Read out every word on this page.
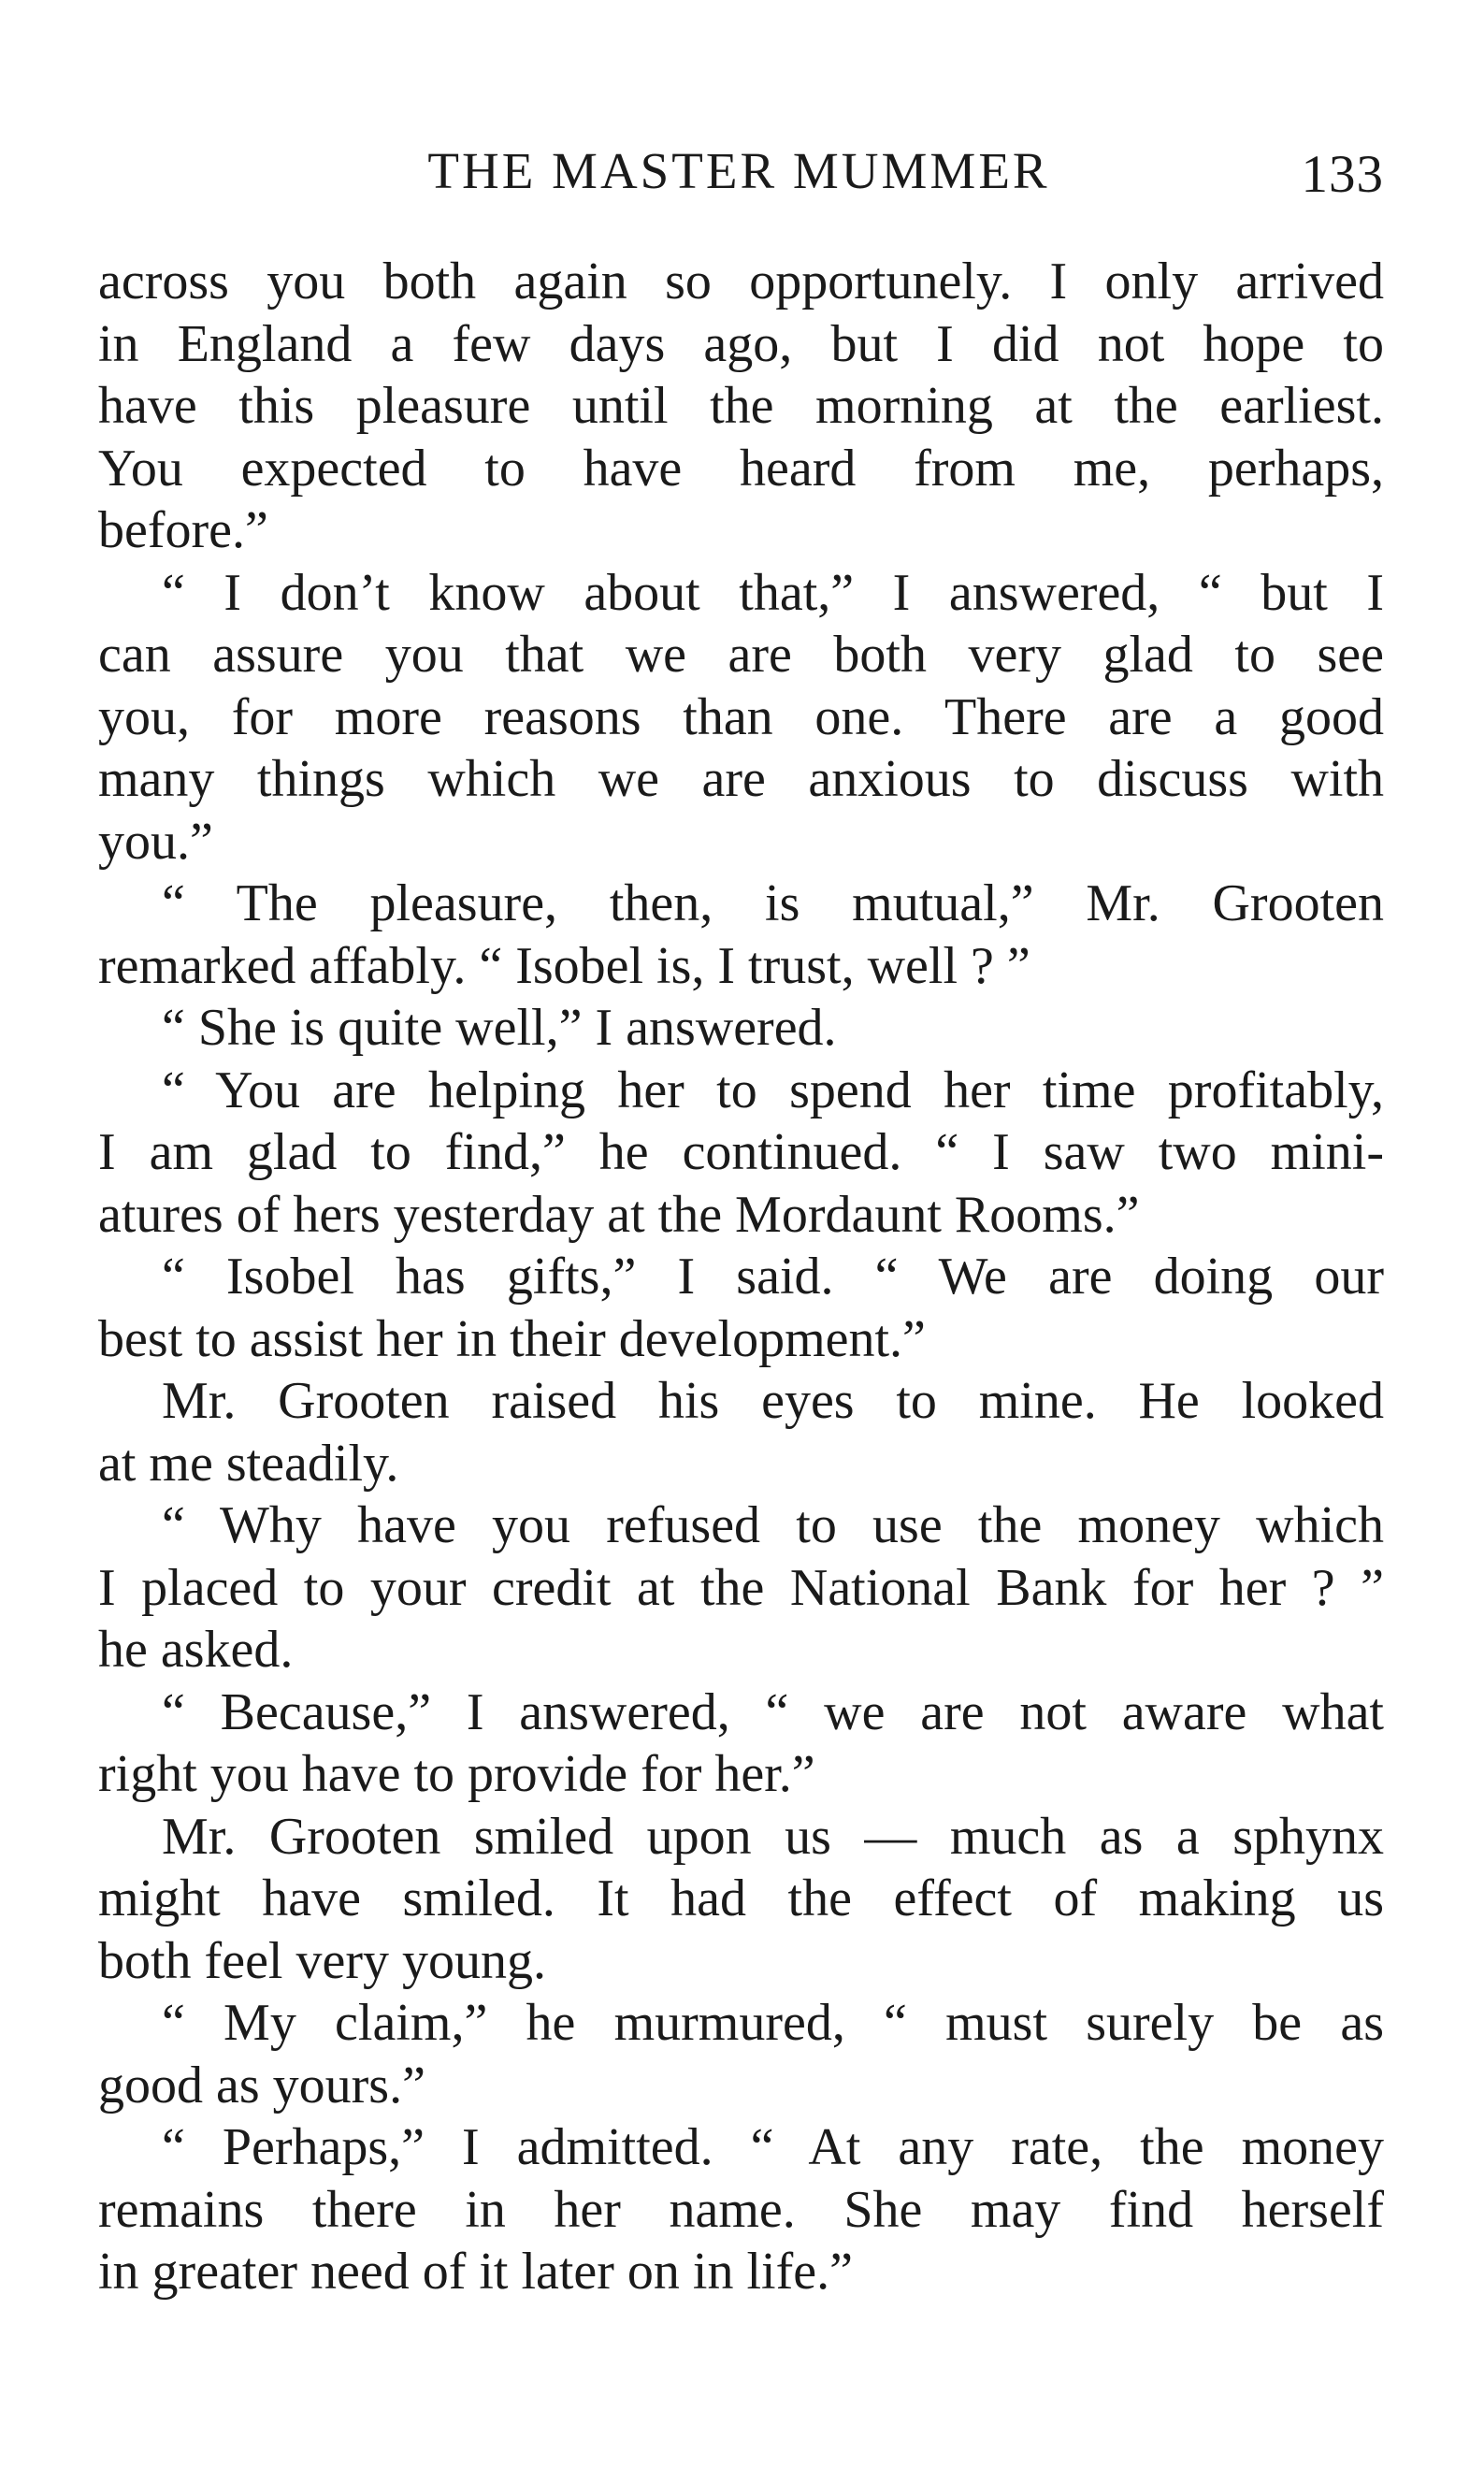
THE MASTER MUMMER	133
across you both again so opportunely. I only arrived
in England a few days ago, but I did not hope to
have this pleasure until the morning at the earliest.
You expected to have heard from me, perhaps,
before.”
“ I don’t know about that,” I answered, “ but I
can assure you that we are both very glad to see
you, for more reasons than one. There are a good
many things which we are anxious to discuss with
you.”
“ The pleasure, then, is mutual,” Mr. Grooten
remarked affably. “ Isobel is, I trust, well ? ”
“ She is quite well,” I answered.
“ You are helping her to spend her time profitably,
I am glad to find,” he continued. “ I saw two mini-
atures of hers yesterday at the Mordaunt Rooms.”
“ Isobel has gifts,” I said. “ We are doing our
best to assist her in their development.”
Mr. Grooten raised his eyes to mine. He looked
at me steadily.
“ Why have you refused to use the money which
I placed to your credit at the National Bank for her ? ”
he asked.
“ Because,” I answered, “ we are not aware what
right you have to provide for her.”
Mr. Grooten smiled upon us — much as a sphynx
might have smiled. It had the effect of making us
both feel very young.
“ My claim,” he murmured, “ must surely be as
good as yours.”
“ Perhaps,” I admitted. “ At any rate, the money
remains there in her name. She may find herself
in greater need of it later on in life.”
